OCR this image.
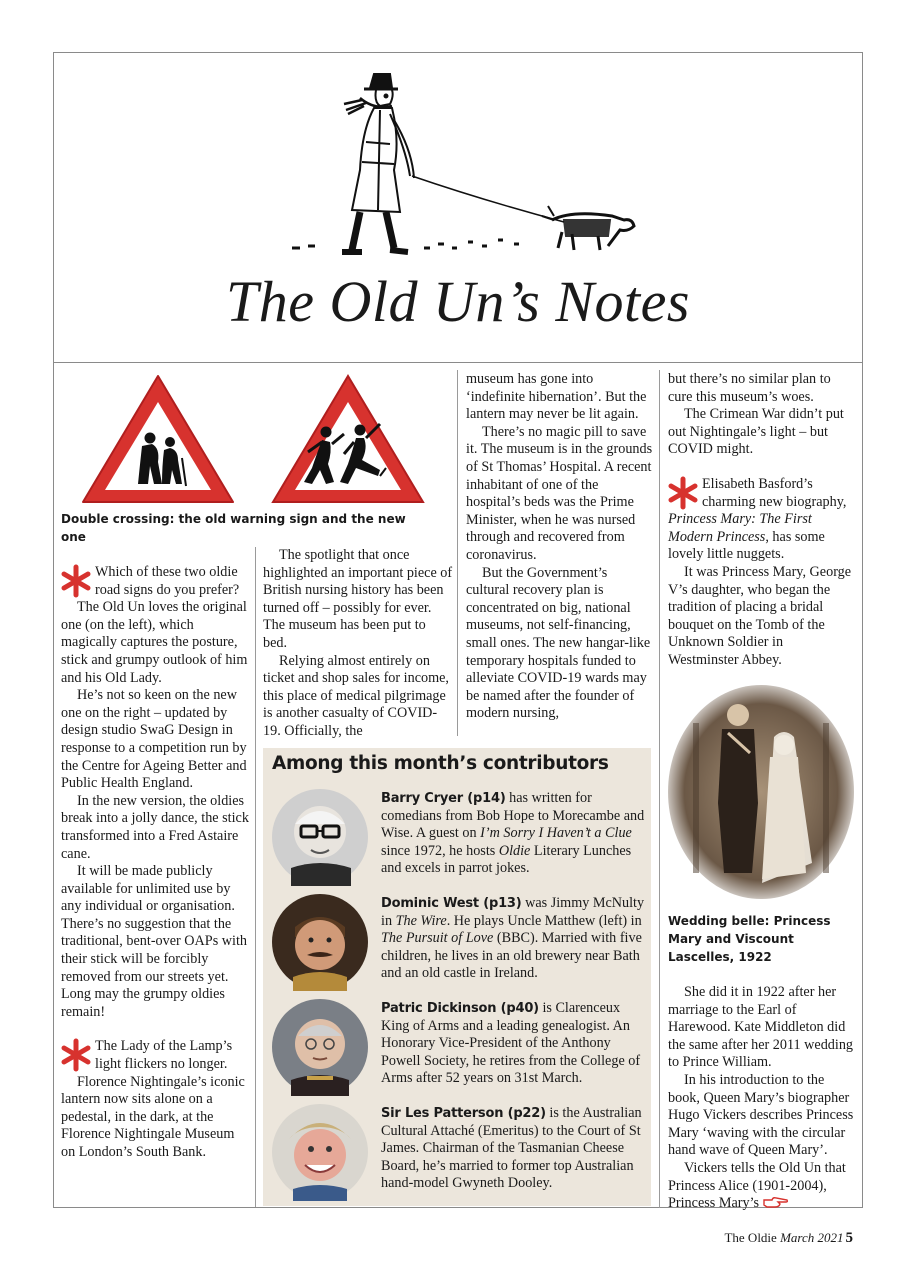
The Old Un’s Notes
Double crossing: the old warning sign and the new one

Which of these two oldie road signs do you prefer?

The Old Un loves the original one (on the left), which magically captures the posture, stick and grumpy outlook of him and his Old Lady.

He’s not so keen on the new one on the right – updated by design studio SwaG Design in response to a competition run by the Centre for Ageing Better and Public Health England.

In the new version, the oldies break into a jolly dance, the stick transformed into a Fred Astaire cane.

It will be made publicly available for unlimited use by any individual or organisation. There’s no suggestion that the traditional, bent-over OAPs with their stick will be forcibly removed from our streets yet. Long may the grumpy oldies remain!

The Lady of the Lamp’s light flickers no longer.

Florence Nightingale’s iconic lantern now sits alone on a pedestal, in the dark, at the Florence Nightingale Museum on London’s South Bank.

The spotlight that once highlighted an important piece of British nursing history has been turned off – possibly for ever. The museum has been put to bed.

Relying almost entirely on ticket and shop sales for income, this place of medical pilgrimage is another casualty of COVID-19. Officially, the

museum has gone into ‘indefinite hibernation’. But the lantern may never be lit again.

There’s no magic pill to save it. The museum is in the grounds of St Thomas’ Hospital. A recent inhabitant of one of the hospital’s beds was the Prime Minister, when he was nursed through and recovered from coronavirus.

But the Government’s cultural recovery plan is concentrated on big, national museums, not self-financing, small ones. The new hangar-like temporary hospitals funded to alleviate COVID-19 wards may be named after the founder of modern nursing,

but there’s no similar plan to cure this museum’s woes.

The Crimean War didn’t put out Nightingale’s light – but COVID might.

Elisabeth Basford’s charming new biography, Princess Mary: The First Modern Princess, has some lovely little nuggets.

It was Princess Mary, George V’s daughter, who began the tradition of placing a bridal bouquet on the Tomb of the Unknown Soldier in Westminster Abbey.

Wedding belle: Princess Mary and Viscount Lascelles, 1922

She did it in 1922 after her marriage to the Earl of Harewood. Kate Middleton did the same after her 2011 wedding to Prince William.

In his introduction to the book, Queen Mary’s biographer Hugo Vickers describes Princess Mary ‘waving with the circular hand wave of Queen Mary’.

Vickers tells the Old Un that Princess Alice (1901-2004), Princess Mary’s

Among this month’s contributors
Barry Cryer (p14) has written for comedians from Bob Hope to Morecambe and Wise. A guest on I’m Sorry I Haven’t a Clue since 1972, he hosts Oldie Literary Lunches and excels in parrot jokes.
Dominic West (p13) was Jimmy McNulty in The Wire. He plays Uncle Matthew (left) in The Pursuit of Love (BBC). Married with five children, he lives in an old brewery near Bath and an old castle in Ireland.
Patric Dickinson (p40) is Clarenceux King of Arms and a leading genealogist. An Honorary Vice-President of the Anthony Powell Society, he retires from the College of Arms after 52 years on 31st March.
Sir Les Patterson (p22) is the Australian Cultural Attaché (Emeritus) to the Court of St James. Chairman of the Tasmanian Cheese Board, he’s married to former top Australian hand-model Gwyneth Dooley.
The Oldie March 2021 5
